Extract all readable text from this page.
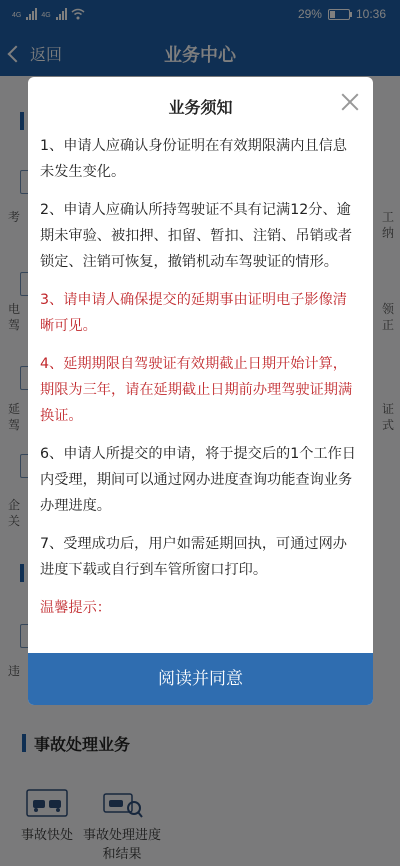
业务须知

1、申请人应确认身份证明在有效期限满内且信息未发生变化。

2、申请人应确认所持驾驶证不具有记满12分、逾期未审验、被扣押、扣留、暂扣、注销、吊销或者锁定、注销可恢复，撤销机动车驾驶证的情形。

3、请申请人确保提交的延期事由证明电子影像清晰可见。

4、延期期限自驾驶证有效期截止日期开始计算，期限为三年，请在延期截止日期前办理驾驶证期满换证。

6、申请人所提交的申请，将于提交后的1个工作日内受理，期间可以通过网办进度查询功能查询业务办理进度。

7、受理成功后，用户如需延期回执，可通过网办进度下载或自行到车管所窗口打印。

温馨提示：
阅读并同意
